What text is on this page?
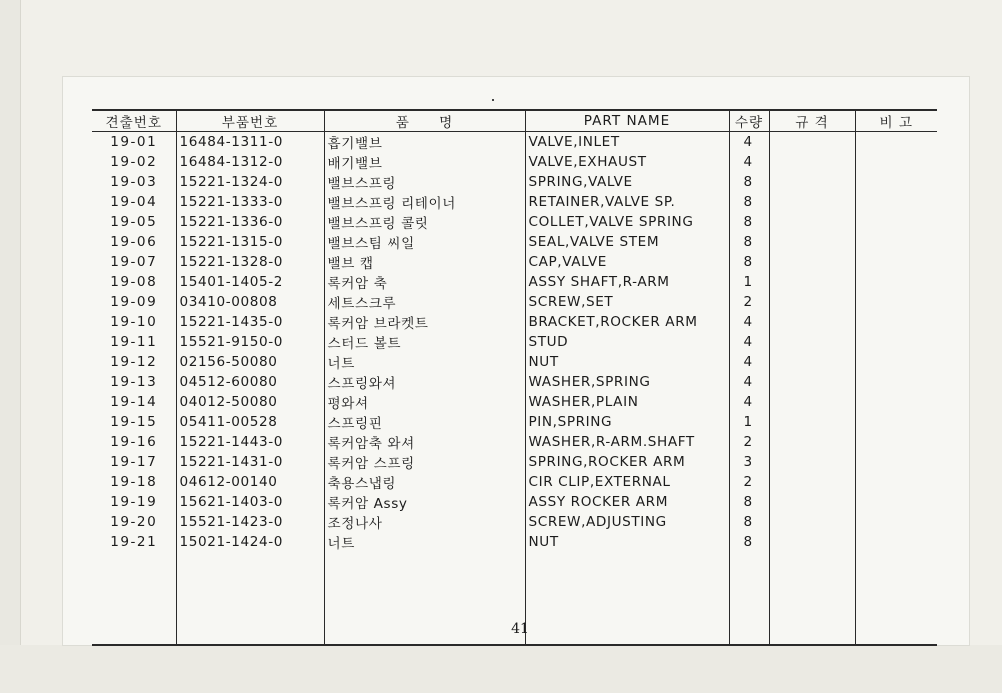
견출번호	부품번호	품　　명	PART NAME	수량	규 격	비 고
19-01	16484-1311-0	흡기밸브	VALVE,INLET	4		
19-02	16484-1312-0	배기밸브	VALVE,EXHAUST	4		
19-03	15221-1324-0	밸브스프링	SPRING,VALVE	8		
19-04	15221-1333-0	밸브스프링 리테이너	RETAINER,VALVE SP.	8		
19-05	15221-1336-0	밸브스프링 콜릿	COLLET,VALVE SPRING	8		
19-06	15221-1315-0	밸브스팀 씨일	SEAL,VALVE STEM	8		
19-07	15221-1328-0	밸브 캡	CAP,VALVE	8		
19-08	15401-1405-2	록커암 축	ASSY SHAFT,R-ARM	1		
19-09	03410-00808	세트스크루	SCREW,SET	2		
19-10	15221-1435-0	록커암 브라켓트	BRACKET,ROCKER ARM	4		
19-11	15521-9150-0	스터드 볼트	STUD	4		
19-12	02156-50080	너트	NUT	4		
19-13	04512-60080	스프링와셔	WASHER,SPRING	4		
19-14	04012-50080	평와셔	WASHER,PLAIN	4		
19-15	05411-00528	스프링핀	PIN,SPRING	1		
19-16	15221-1443-0	록커암축 와셔	WASHER,R-ARM.SHAFT	2		
19-17	15221-1431-0	록커암 스프링	SPRING,ROCKER ARM	3		
19-18	04612-00140	축용스냅링	CIR CLIP,EXTERNAL	2		
19-19	15621-1403-0	록커암 Assy	ASSY ROCKER ARM	8		
19-20	15521-1423-0	조정나사	SCREW,ADJUSTING	8		
19-21	15021-1424-0	너트	NUT	8		

41
